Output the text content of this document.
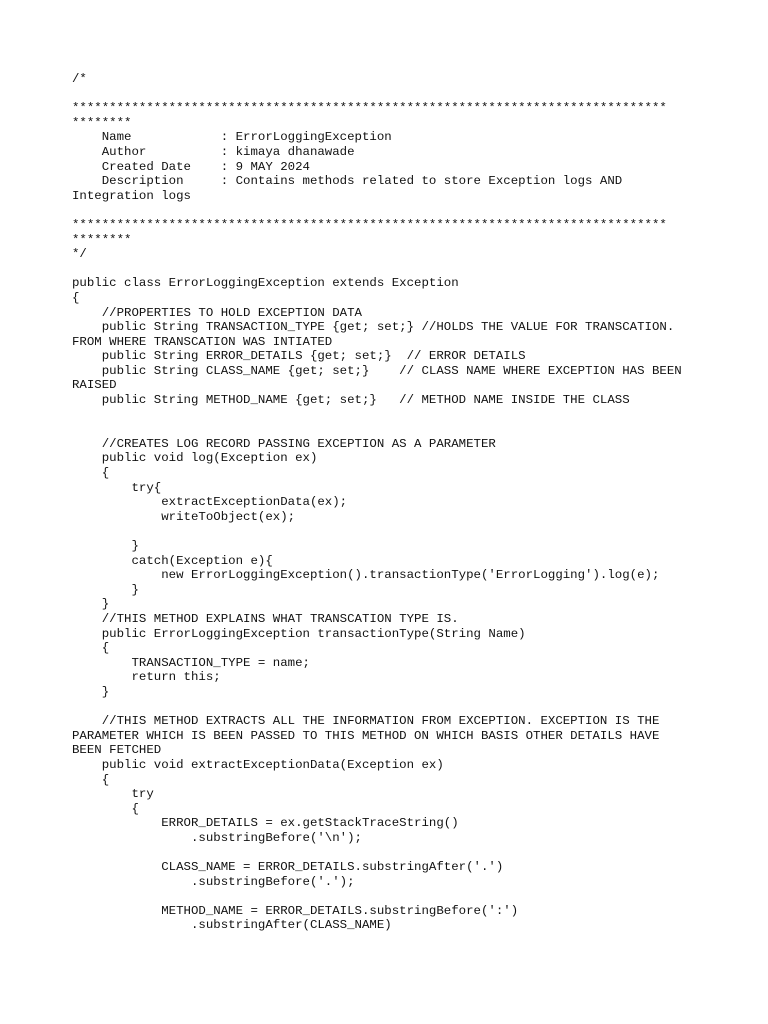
/*
********************************************************************************
********
Name            : ErrorLoggingException
Author          : kimaya dhanawade
Created Date    : 9 MAY 2024
Description     : Contains methods related to store Exception logs AND
Integration logs
********************************************************************************
********
*/
public class ErrorLoggingException extends Exception
{
//PROPERTIES TO HOLD EXCEPTION DATA
public String TRANSACTION_TYPE {get; set;} //HOLDS THE VALUE FOR TRANSCATION.
FROM WHERE TRANSCATION WAS INTIATED
public String ERROR_DETAILS {get; set;}  // ERROR DETAILS
public String CLASS_NAME {get; set;}    // CLASS NAME WHERE EXCEPTION HAS BEEN
RAISED
public String METHOD_NAME {get; set;}   // METHOD NAME INSIDE THE CLASS
//CREATES LOG RECORD PASSING EXCEPTION AS A PARAMETER
public void log(Exception ex)
{
try{
extractExceptionData(ex);
writeToObject(ex);
}
catch(Exception e){
new ErrorLoggingException().transactionType('ErrorLogging').log(e);
}
}
//THIS METHOD EXPLAINS WHAT TRANSCATION TYPE IS.
public ErrorLoggingException transactionType(String Name)
{
TRANSACTION_TYPE = name;
return this;
}
//THIS METHOD EXTRACTS ALL THE INFORMATION FROM EXCEPTION. EXCEPTION IS THE
PARAMETER WHICH IS BEEN PASSED TO THIS METHOD ON WHICH BASIS OTHER DETAILS HAVE
BEEN FETCHED
public void extractExceptionData(Exception ex)
{
try
{
ERROR_DETAILS = ex.getStackTraceString()
.substringBefore('\n');
CLASS_NAME = ERROR_DETAILS.substringAfter('.')
.substringBefore('.');
METHOD_NAME = ERROR_DETAILS.substringBefore(':')
.substringAfter(CLASS_NAME)
